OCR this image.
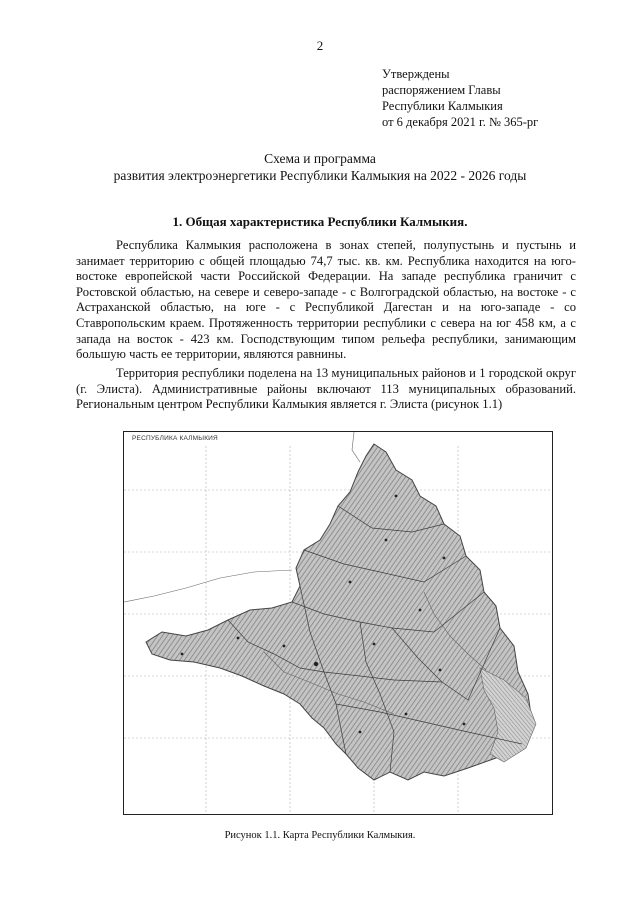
2
Утверждены
распоряжением Главы
Республики Калмыкия
от 6 декабря 2021 г. № 365-рг
Схема и программа
развития электроэнергетики Республики Калмыкия на 2022 - 2026 годы
1. Общая характеристика Республики Калмыкия.

Республика Калмыкия расположена в зонах степей, полупустынь и пустынь и занимает территорию с общей площадью 74,7 тыс. кв. км. Республика находится на юго-востоке европейской части Российской Федерации. На западе республика граничит с Ростовской областью, на севере и северо-западе - с Волгоградской областью, на востоке - с Астраханской областью, на юге - с Республикой Дагестан и на юго-западе - со Ставропольским краем. Протяженность территории республики с севера на юг 458 км, а с запада на восток - 423 км. Господствующим типом рельефа республики, занимающим большую часть ее территории, являются равнины.

Территория республики поделена на 13 муниципальных районов и 1 городской округ (г. Элиста). Административные районы включают 113 муниципальных образований. Региональным центром Республики Калмыкия является г. Элиста (рисунок 1.1)

РЕСПУБЛИКА КАЛМЫКИЯ
Рисунок 1.1. Карта Республики Калмыкия.
